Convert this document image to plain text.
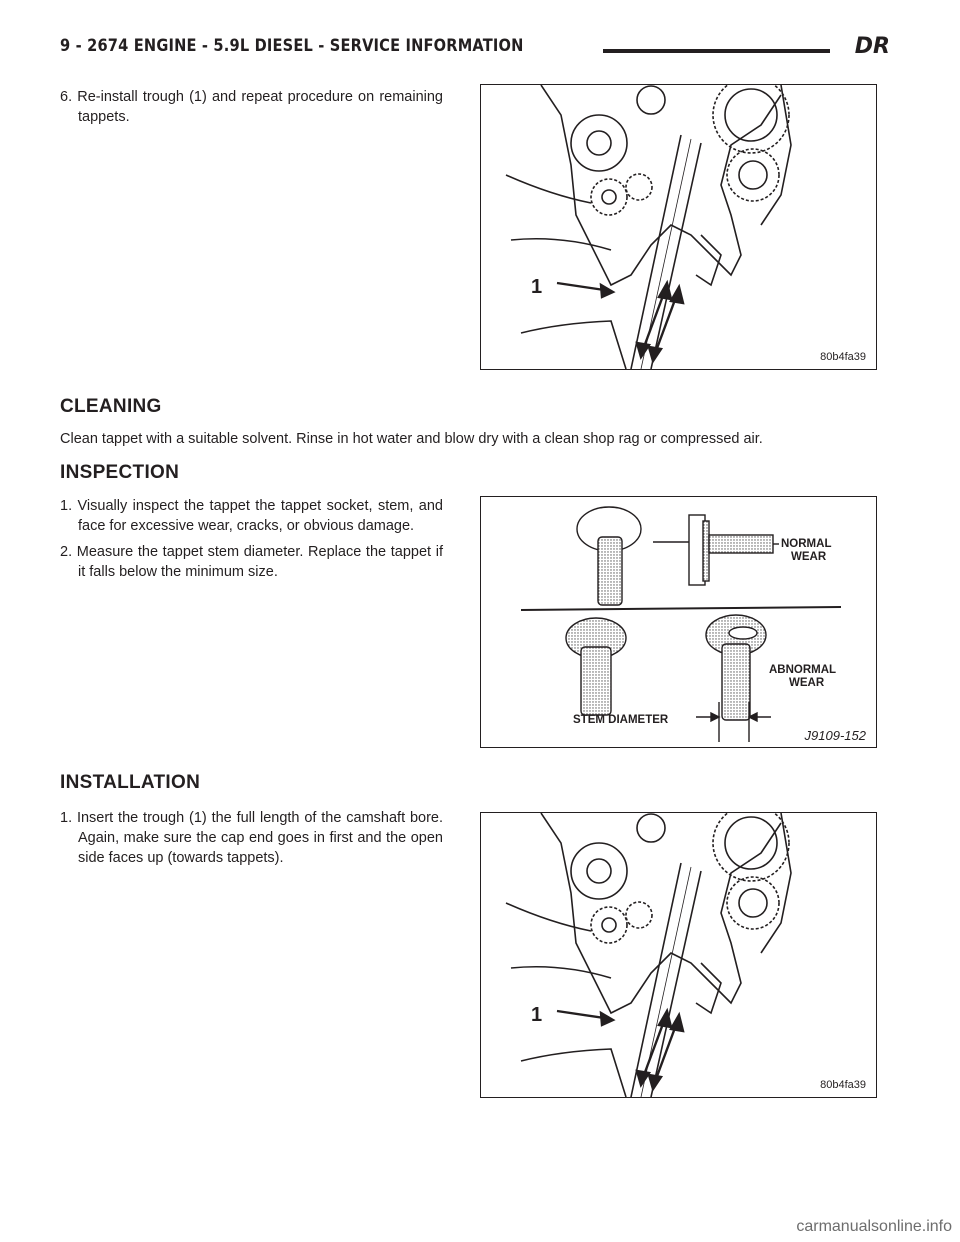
9 - 2674 ENGINE - 5.9L DIESEL - SERVICE INFORMATION	DR
6. Re-install trough (1) and repeat procedure on remaining tappets.
1
80b4fa39
CLEANING
Clean tappet with a suitable solvent. Rinse in hot water and blow dry with a clean shop rag or compressed air.
INSPECTION
1. Visually inspect the tappet the tappet socket, stem, and face for excessive wear, cracks, or obvious damage.
2. Measure the tappet stem diameter. Replace the tappet if it falls below the minimum size.
NORMAL
WEAR
ABNORMAL
WEAR
STEM DIAMETER
J9109-152
INSTALLATION
1. Insert the trough (1) the full length of the camshaft bore. Again, make sure the cap end goes in first and the open side faces up (towards tappets).
1
80b4fa39
carmanualsonline.info
